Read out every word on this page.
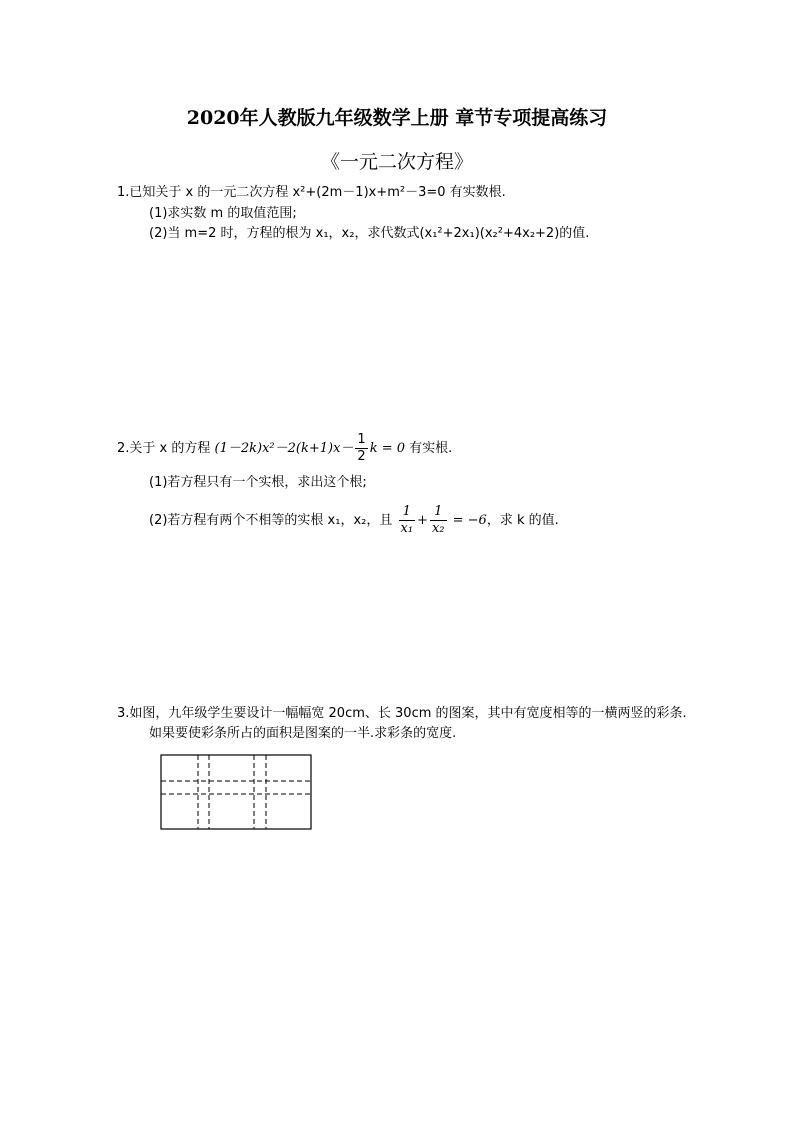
2020年人教版九年级数学上册 章节专项提高练习
《一元二次方程》
1.已知关于 x 的一元二次方程 x²+(2m－1)x+m²－3=0 有实数根.
(1)求实数 m 的取值范围;
(2)当 m=2 时，方程的根为 x₁，x₂，求代数式(x₁²+2x₁)(x₂²+4x₂+2)的值.
2.关于 x 的方程 $(1-2k)x^2-2(k+1)x- \frac{1}{2}$ k = 0 有实根.
(1)若方程只有一个实根，求出这个根;
(2)若方程有两个不相等的实根 x₁，x₂，且 $\frac{1}{\text{x₁}} + \frac{1}{\text{x₂}} = -6$，求 k 的值.
3.如图，九年级学生要设计一幅幅宽 20cm、长 30cm 的图案，其中有宽度相等的一横两竖的彩条.
如果要使彩条所占的面积是图案的一半.求彩条的宽度.
